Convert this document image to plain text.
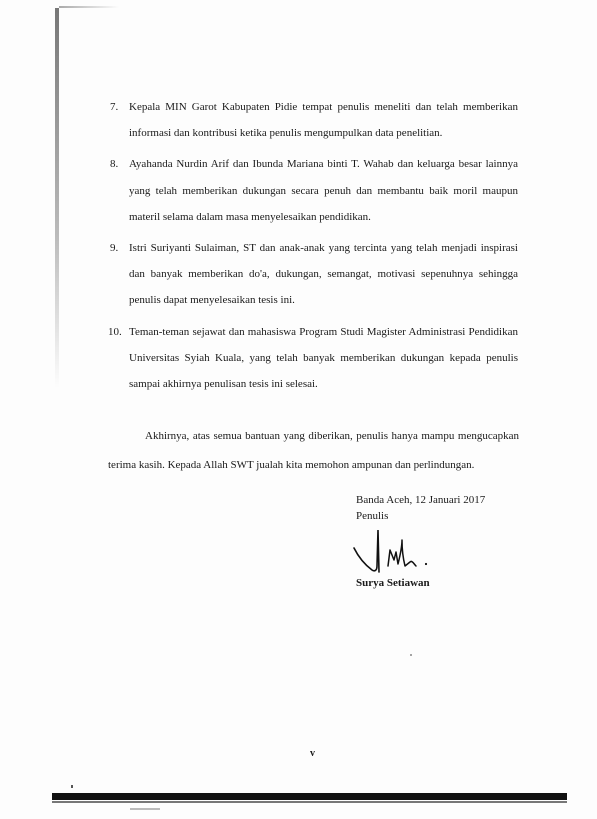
7. Kepala MIN Garot Kabupaten Pidie tempat penulis meneliti dan telah memberikan informasi dan kontribusi ketika penulis mengumpulkan data penelitian.
8. Ayahanda Nurdin Arif dan Ibunda Mariana binti T. Wahab dan keluarga besar lainnya yang telah memberikan dukungan secara penuh dan membantu baik moril maupun materil selama dalam masa menyelesaikan pendidikan.
9. Istri Suriyanti Sulaiman, ST dan anak-anak yang tercinta yang telah menjadi inspirasi dan banyak memberikan do'a, dukungan, semangat, motivasi sepenuhnya sehingga penulis dapat menyelesaikan tesis ini.
10. Teman-teman sejawat dan mahasiswa Program Studi Magister Administrasi Pendidikan Universitas Syiah Kuala, yang telah banyak memberikan dukungan kepada penulis sampai akhirnya penulisan tesis ini selesai.

Akhirnya, atas semua bantuan yang diberikan, penulis hanya mampu mengucapkan terima kasih. Kepada Allah SWT jualah kita memohon ampunan dan perlindungan.

Banda Aceh, 12 Januari 2017
Penulis
Surya Setiawan
v
